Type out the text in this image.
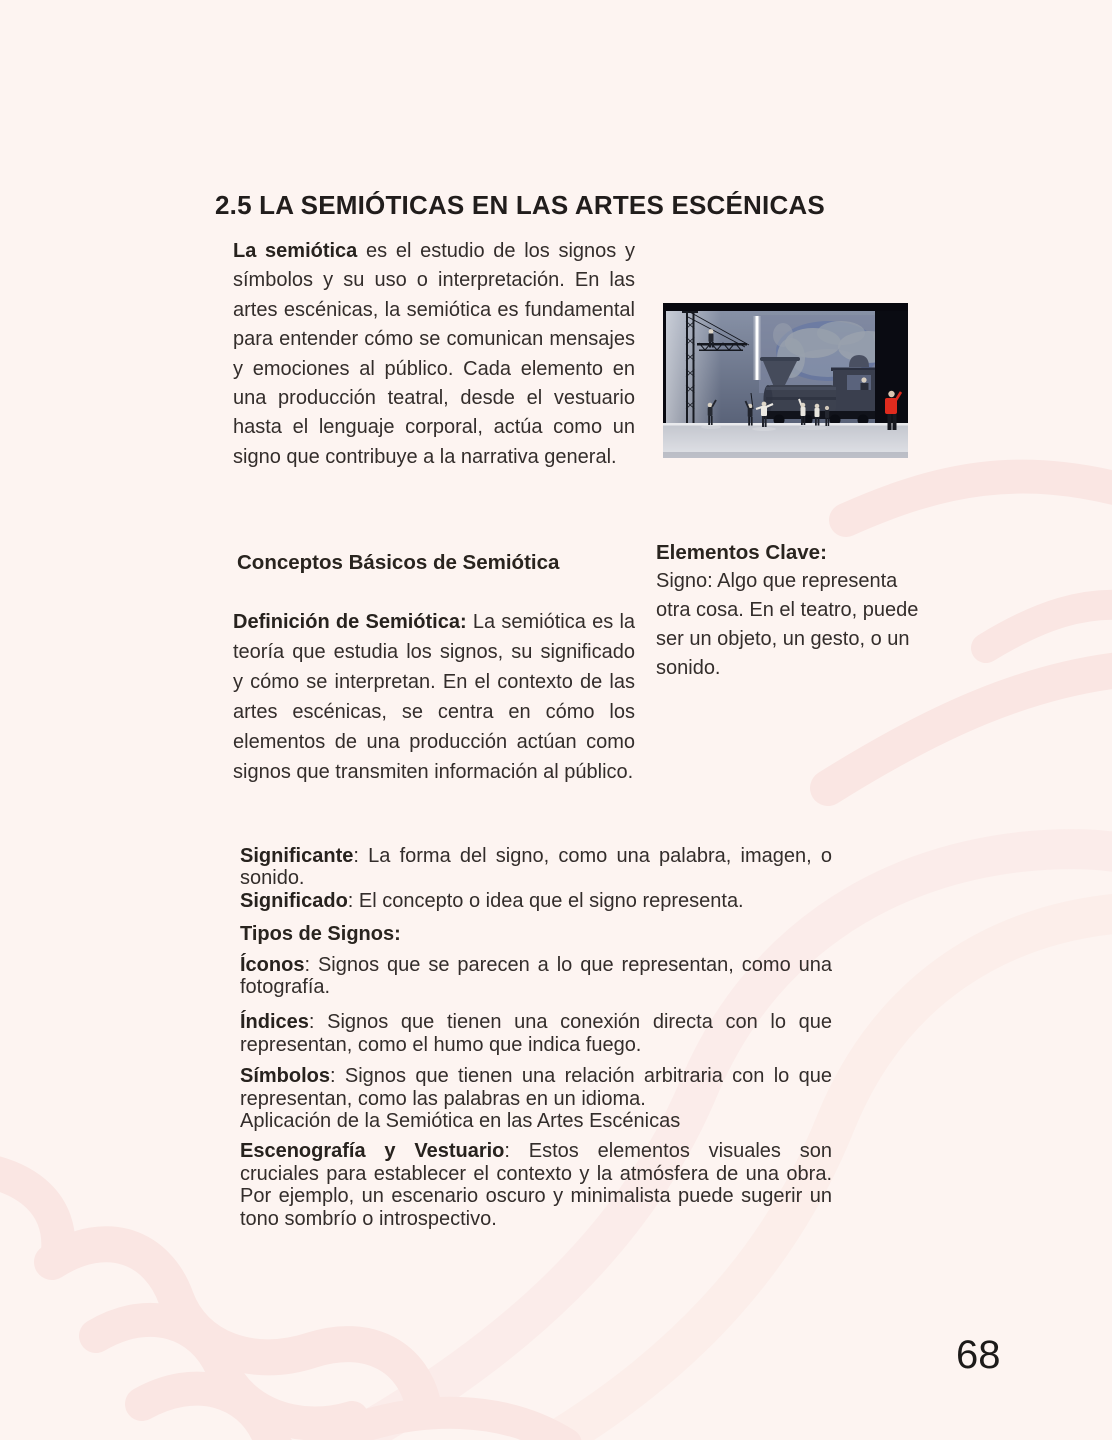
2.5 LA SEMIÓTICAS EN LAS ARTES ESCÉNICAS

La semiótica es el estudio de los signos y símbolos y su uso o interpretación. En las artes escénicas, la semiótica es fundamental para entender cómo se comunican mensajes y emociones al público. Cada elemento en una producción teatral, desde el vestuario hasta el lenguaje corporal, actúa como un signo que contribuye a la narrativa general.

Conceptos Básicos de Semiótica	Elementos Clave:

Signo: Algo que representa otra cosa. En el teatro, puede ser un objeto, un gesto, o un sonido.

Definición de Semiótica: La semiótica es la teoría que estudia los signos, su significado y cómo se interpretan. En el contexto de las artes escénicas, se centra en cómo los elementos de una producción actúan como signos que transmiten información al público.

Significante: La forma del signo, como una palabra, imagen, o sonido.

Significado: El concepto o idea que el signo representa.

Tipos de Signos:

Íconos: Signos que se parecen a lo que representan, como una fotografía.

Índices: Signos que tienen una conexión directa con lo que representan, como el humo que indica fuego.

Símbolos: Signos que tienen una relación arbitraria con lo que representan, como las palabras en un idioma.

Aplicación de la Semiótica en las Artes Escénicas

Escenografía y Vestuario: Estos elementos visuales son cruciales para establecer el contexto y la atmósfera de una obra. Por ejemplo, un escenario oscuro y minimalista puede sugerir un tono sombrío o introspectivo.

68
